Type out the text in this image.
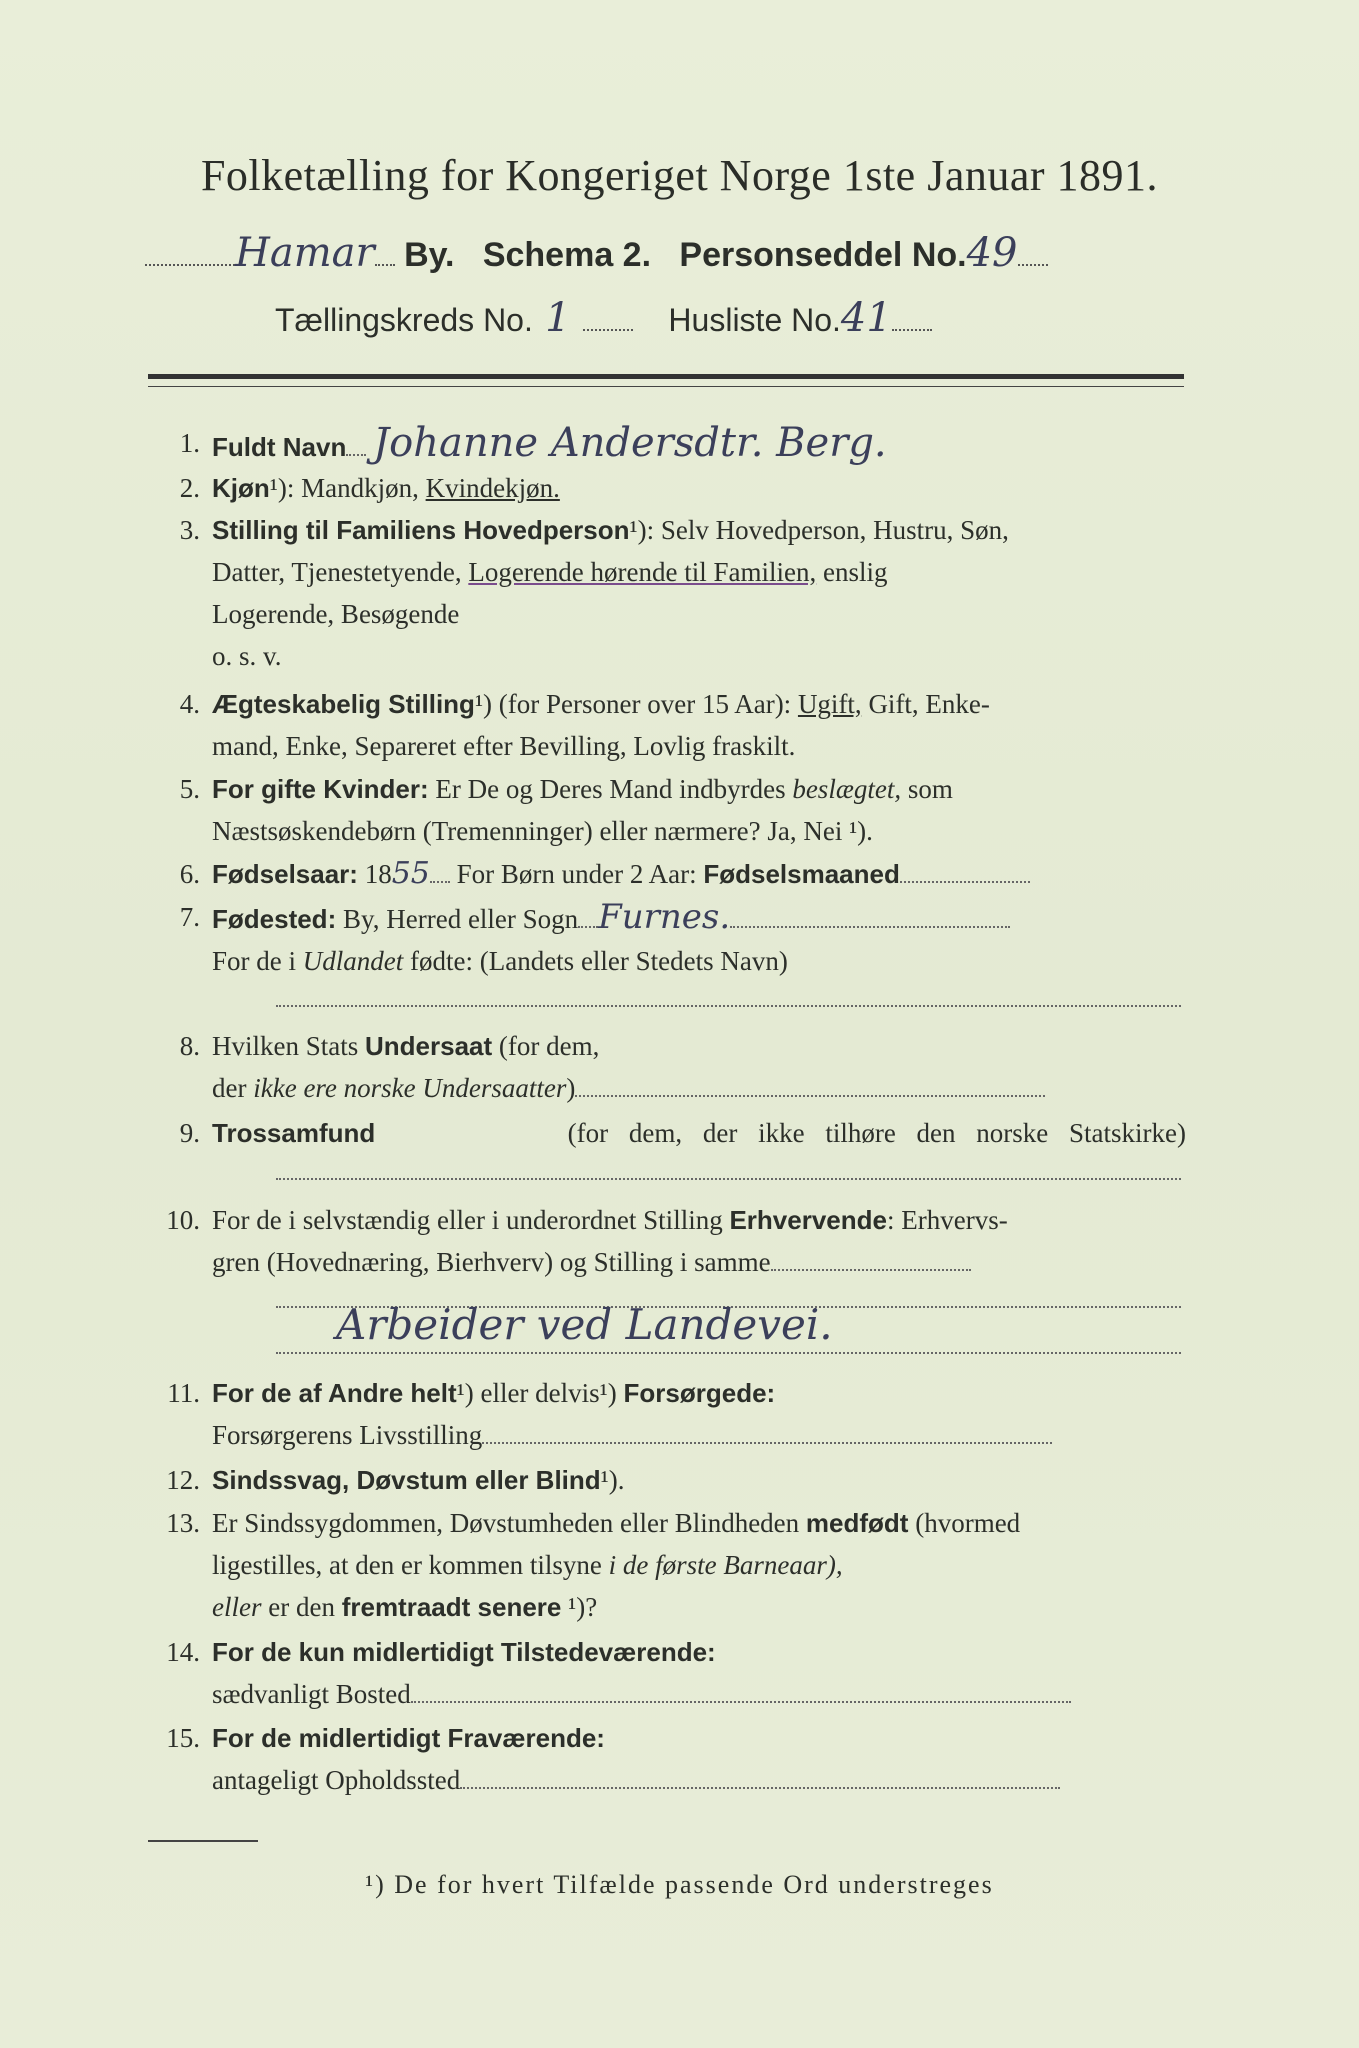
Folketælling for Kongeriget Norge 1ste Januar 1891.
Hamar By. Schema 2. Personseddel No.49
Tællingskreds No. 1	Husliste No.41
1. Fuldt Navn Johanne Andersdtr. Berg.
2. Kjøn¹): Mandkjøn, Kvindekjøn.
3. Stilling til Familiens Hovedperson¹): Selv Hovedperson, Hustru, Søn,
Datter, Tjenestetyende, Logerende hørende til Familien, enslig
Logerende, Besøgende
o. s. v.
4. Ægteskabelig Stilling¹) (for Personer over 15 Aar): Ugift, Gift, Enke-
mand, Enke, Separeret efter Bevilling, Lovlig fraskilt.
5. For gifte Kvinder: Er De og Deres Mand indbyrdes beslægtet, som
Næstsøskendebørn (Tremenninger) eller nærmere? Ja, Nei ¹).
6. Fødselsaar: 1855 For Børn under 2 Aar: Fødselsmaaned
7. Fødested: By, Herred eller Sogn Furnes.
For de i Udlandet fødte: (Landets eller Stedets Navn)
8. Hvilken Stats Undersaat (for dem,
der ikke ere norske Undersaatter)
9. Trossamfund	(for dem, der ikke tilhøre den norske Statskirke)
10. For de i selvstændig eller i underordnet Stilling Erhvervende: Erhvervs-
gren (Hovednæring, Bierhverv) og Stilling i samme
Arbeider ved Landevei.
11. For de af Andre helt¹) eller delvis¹) Forsørgede:
Forsørgerens Livsstilling
12. Sindssvag, Døvstum eller Blind¹).
13. Er Sindssygdommen, Døvstumheden eller Blindheden medfødt (hvormed
ligestilles, at den er kommen tilsyne i de første Barneaar),
eller er den fremtraadt senere ¹)?
14. For de kun midlertidigt Tilstedeværende:
sædvanligt Bosted
15. For de midlertidigt Fraværende:
antageligt Opholdssted
¹) De for hvert Tilfælde passende Ord understreges
